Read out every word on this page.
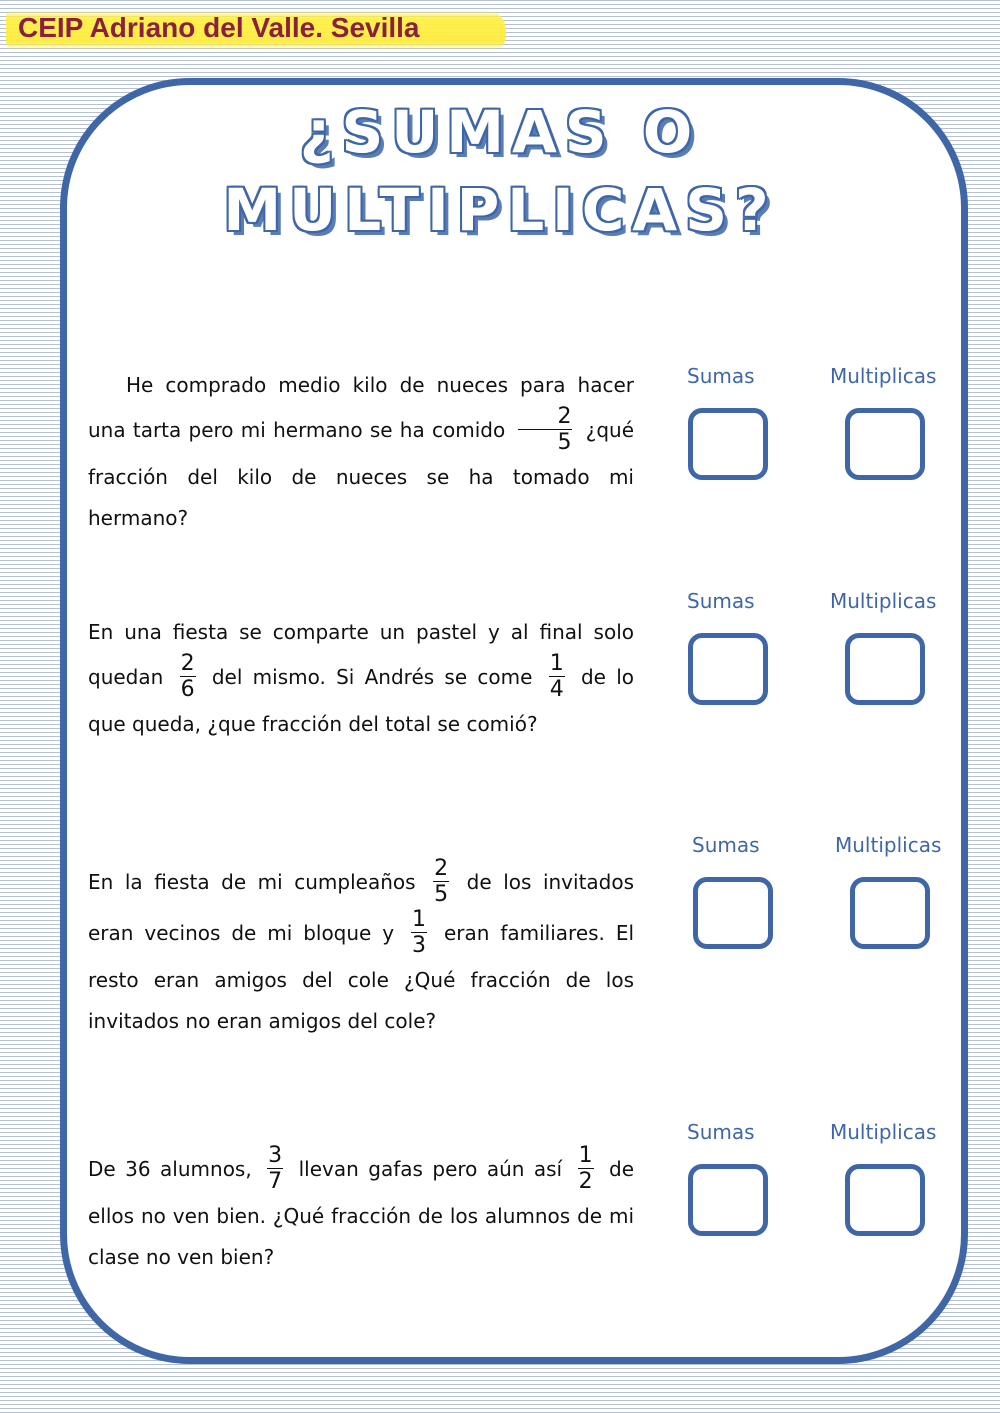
CEIP Adriano del Valle. Sevilla
¿SUMAS O
MULTIPLICAS?
He comprado medio kilo de nueces para hacer una tarta pero mi hermano se ha comido $\frac{2}{5}$ ¿qué fracción del kilo de nueces se ha tomado mi hermano?
Sumas	Multiplicas
En una fiesta se comparte un pastel y al final solo quedan $\frac{2}{6}$ del mismo. Si Andrés se come $\frac{1}{4}$ de lo que queda, ¿que fracción del total se comió?
Sumas	Multiplicas
En la fiesta de mi cumpleaños $\frac{2}{5}$ de los invitados eran vecinos de mi bloque y $\frac{1}{3}$ eran familiares. El resto eran amigos del cole ¿Qué fracción de los invitados no eran amigos del cole?
Sumas	Multiplicas
De 36 alumnos, $\frac{3}{7}$ llevan gafas pero aún así $\frac{1}{2}$ de ellos no ven bien. ¿Qué fracción de los alumnos de mi clase no ven bien?
Sumas	Multiplicas
